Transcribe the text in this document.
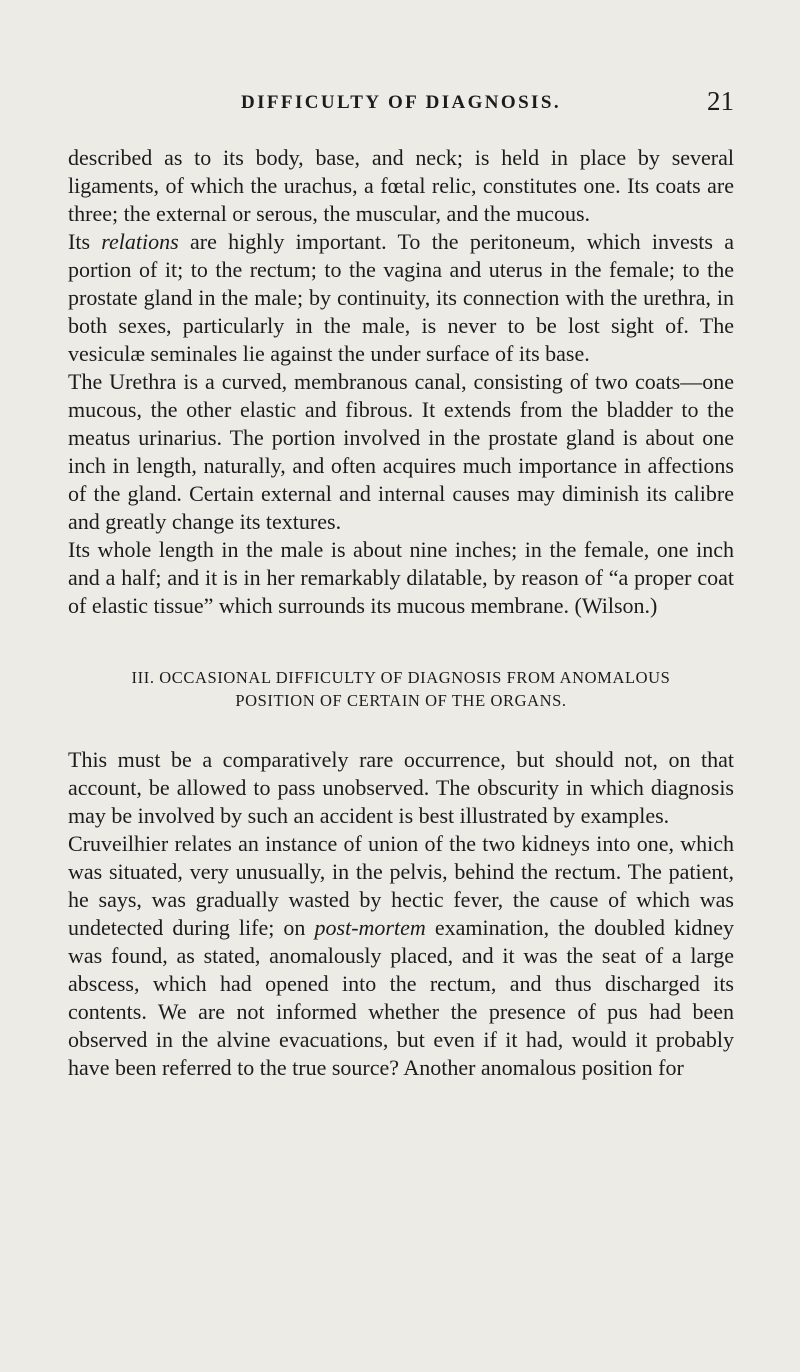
DIFFICULTY OF DIAGNOSIS.	21

described as to its body, base, and neck; is held in place by several ligaments, of which the urachus, a fœtal relic, constitutes one. Its coats are three; the external or serous, the muscular, and the mucous.

Its relations are highly important. To the peritoneum, which invests a portion of it; to the rectum; to the vagina and uterus in the female; to the prostate gland in the male; by continuity, its connection with the urethra, in both sexes, particularly in the male, is never to be lost sight of. The vesiculæ seminales lie against the under surface of its base.

The Urethra is a curved, membranous canal, consisting of two coats—one mucous, the other elastic and fibrous. It extends from the bladder to the meatus urinarius. The portion involved in the prostate gland is about one inch in length, naturally, and often acquires much importance in affections of the gland. Certain external and internal causes may diminish its calibre and greatly change its textures.

Its whole length in the male is about nine inches; in the female, one inch and a half; and it is in her remarkably dilatable, by reason of “a proper coat of elastic tissue” which surrounds its mucous membrane. (Wilson.)

III. OCCASIONAL DIFFICULTY OF DIAGNOSIS FROM ANOMALOUS
POSITION OF CERTAIN OF THE ORGANS.

This must be a comparatively rare occurrence, but should not, on that account, be allowed to pass unobserved. The obscurity in which diagnosis may be involved by such an accident is best illustrated by examples.

Cruveilhier relates an instance of union of the two kidneys into one, which was situated, very unusually, in the pelvis, behind the rectum. The patient, he says, was gradually wasted by hectic fever, the cause of which was undetected during life; on post-mortem examination, the doubled kidney was found, as stated, anomalously placed, and it was the seat of a large abscess, which had opened into the rectum, and thus discharged its contents. We are not informed whether the presence of pus had been observed in the alvine evacuations, but even if it had, would it probably have been referred to the true source? Another anomalous position for
